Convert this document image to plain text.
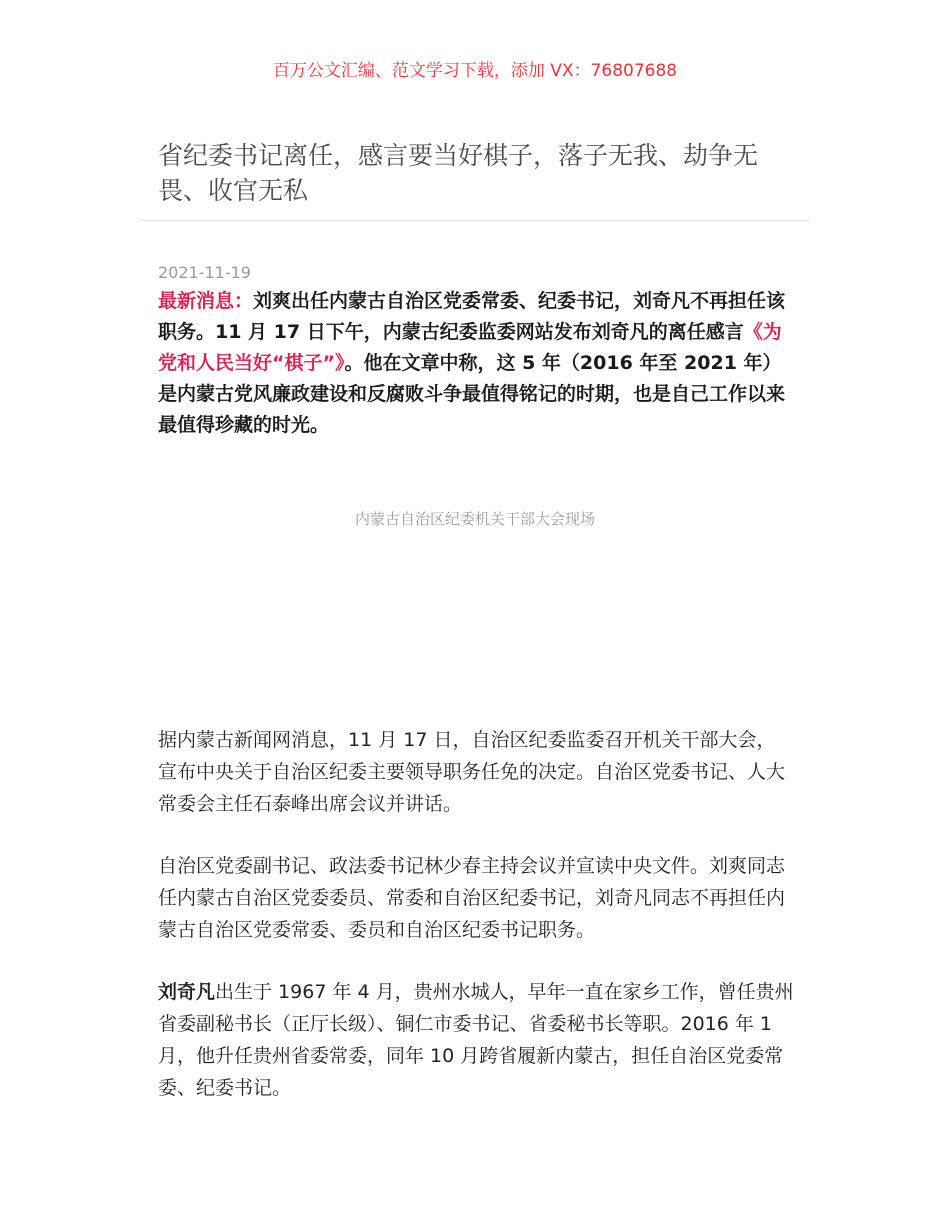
百万公文汇编、范文学习下载，添加 VX：76807688
省纪委书记离任，感言要当好棋子，落子无我、劫争无畏、收官无私
2021-11-19

最新消息：刘爽出任内蒙古自治区党委常委、纪委书记，刘奇凡不再担任该职务。11 月 17 日下午，内蒙古纪委监委网站发布刘奇凡的离任感言《为党和人民当好“棋子”》。他在文章中称，这 5 年（2016 年至 2021 年）是内蒙古党风廉政建设和反腐败斗争最值得铭记的时期，也是自己工作以来最值得珍藏的时光。

内蒙古自治区纪委机关干部大会现场

据内蒙古新闻网消息，11 月 17 日，自治区纪委监委召开机关干部大会，宣布中央关于自治区纪委主要领导职务任免的决定。自治区党委书记、人大常委会主任石泰峰出席会议并讲话。

自治区党委副书记、政法委书记林少春主持会议并宣读中央文件。刘爽同志任内蒙古自治区党委委员、常委和自治区纪委书记，刘奇凡同志不再担任内蒙古自治区党委常委、委员和自治区纪委书记职务。

刘奇凡出生于 1967 年 4 月，贵州水城人，早年一直在家乡工作，曾任贵州省委副秘书长（正厅长级）、铜仁市委书记、省委秘书长等职。2016 年 1 月，他升任贵州省委常委，同年 10 月跨省履新内蒙古，担任自治区党委常委、纪委书记。
